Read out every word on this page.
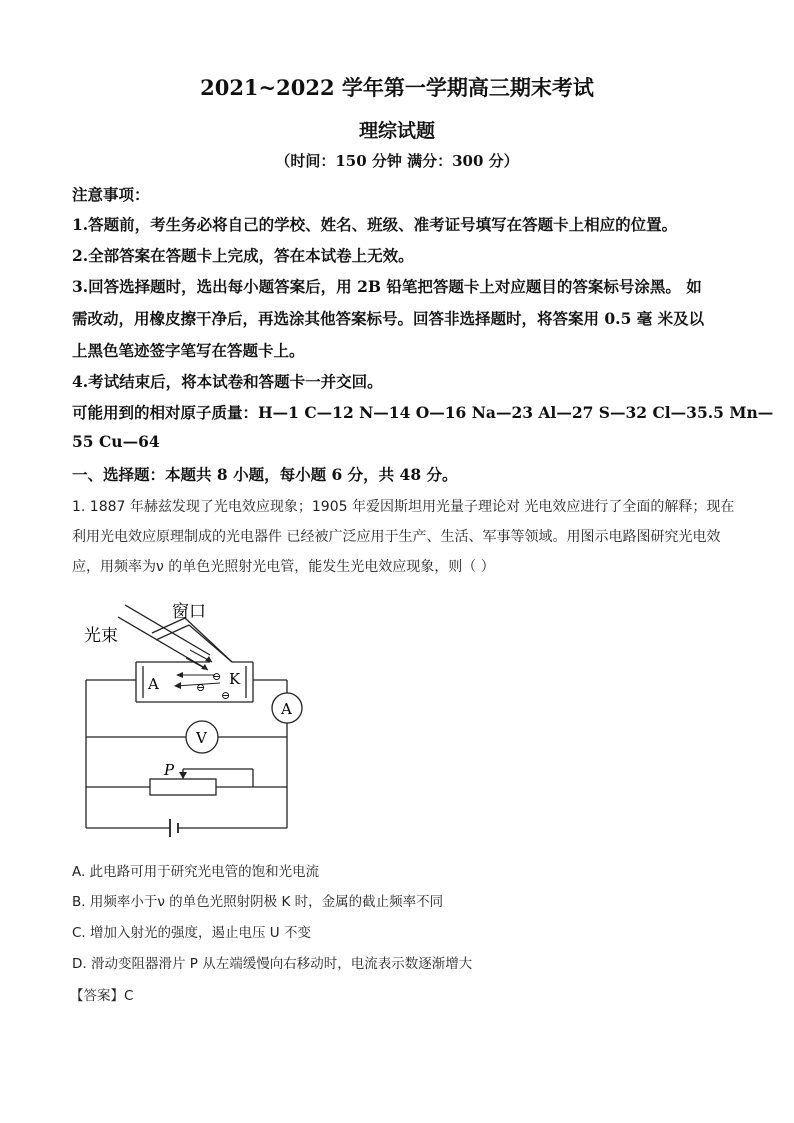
2021~2022 学年第一学期高三期末考试
理综试题
（时间：150 分钟 满分：300 分）
注意事项：
1.答题前，考生务必将自己的学校、姓名、班级、准考证号填写在答题卡上相应的位置。
2.全部答案在答题卡上完成，答在本试卷上无效。
3.回答选择题时，选出每小题答案后，用 2B 铅笔把答题卡上对应题目的答案标号涂黑。 如
需改动，用橡皮擦干净后，再选涂其他答案标号。回答非选择题时，将答案用 0.5 毫 米及以
上黑色笔迹签字笔写在答题卡上。
4.考试结束后，将本试卷和答题卡一并交回。
可能用到的相对原子质量：H—1 C—12 N—14 O—16 Na—23 Al—27 S—32 Cl—35.5 Mn—
55 Cu—64
一、选择题：本题共 8 小题，每小题 6 分，共 48 分。
1. 1887 年赫兹发现了光电效应现象；1905 年爱因斯坦用光量子理论对 光电效应进行了全面的解释；现在
利用光电效应原理制成的光电器件 已经被广泛应用于生产、生活、军事等领域。用图示电路图研究光电效
应，用频率为ν 的单色光照射光电管，能发生光电效应现象，则（ ）
窗口
光束
A	K
A
V
P
⊖
⊖
⊖
A. 此电路可用于研究光电管的饱和光电流
B. 用频率小于ν 的单色光照射阴极 K 时，金属的截止频率不同
C. 增加入射光的强度，遏止电压 U 不变
D. 滑动变阻器滑片 P 从左端缓慢向右移动时，电流表示数逐渐增大
【答案】C
